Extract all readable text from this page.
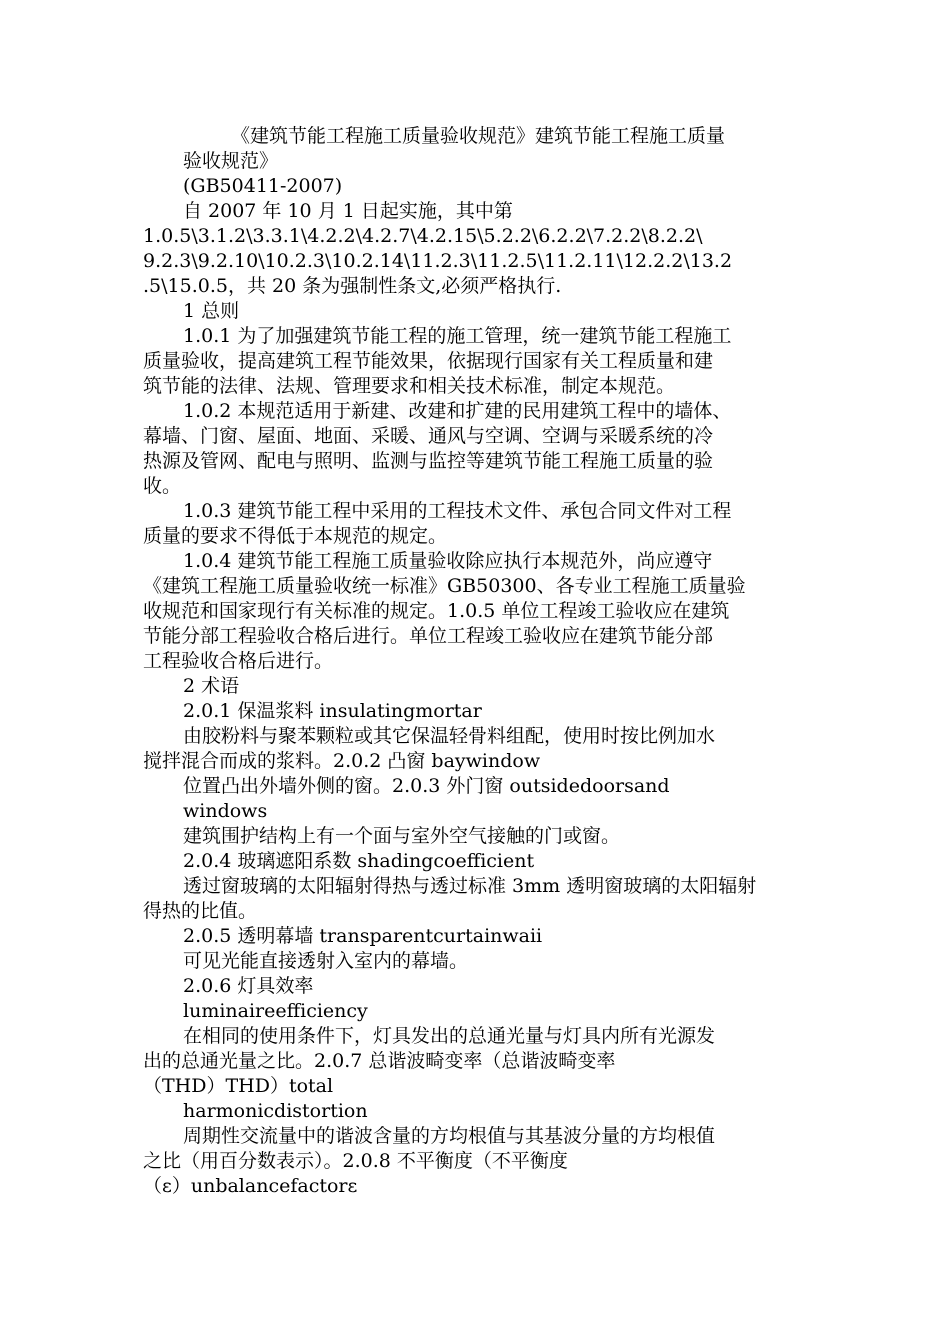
《建筑节能工程施工质量验收规范》建筑节能工程施工质量
验收规范》
(GB50411-2007)
自 2007 年 10 月 1 日起实施，其中第
1.0.5\3.1.2\3.3.1\4.2.2\4.2.7\4.2.15\5.2.2\6.2.2\7.2.2\8.2.2\
9.2.3\9.2.10\10.2.3\10.2.14\11.2.3\11.2.5\11.2.11\12.2.2\13.2
.5\15.0.5，共 20 条为强制性条文,必须严格执行.
1 总则
1.0.1 为了加强建筑节能工程的施工管理，统一建筑节能工程施工
质量验收，提高建筑工程节能效果，依据现行国家有关工程质量和建
筑节能的法律、法规、管理要求和相关技术标准，制定本规范。
1.0.2 本规范适用于新建、改建和扩建的民用建筑工程中的墙体、
幕墙、门窗、屋面、地面、采暖、通风与空调、空调与采暖系统的冷
热源及管网、配电与照明、监测与监控等建筑节能工程施工质量的验
收。
1.0.3 建筑节能工程中采用的工程技术文件、承包合同文件对工程
质量的要求不得低于本规范的规定。
1.0.4 建筑节能工程施工质量验收除应执行本规范外，尚应遵守
《建筑工程施工质量验收统一标准》GB50300、各专业工程施工质量验
收规范和国家现行有关标准的规定。1.0.5 单位工程竣工验收应在建筑
节能分部工程验收合格后进行。单位工程竣工验收应在建筑节能分部
工程验收合格后进行。
2 术语
2.0.1 保温浆料 insulatingmortar
由胶粉料与聚苯颗粒或其它保温轻骨料组配，使用时按比例加水
搅拌混合而成的浆料。2.0.2 凸窗 baywindow
位置凸出外墙外侧的窗。2.0.3 外门窗 outsidedoorsand
windows
建筑围护结构上有一个面与室外空气接触的门或窗。
2.0.4 玻璃遮阳系数 shadingcoefficient
透过窗玻璃的太阳辐射得热与透过标准 3mm 透明窗玻璃的太阳辐射
得热的比值。
2.0.5 透明幕墙 transparentcurtainwaii
可见光能直接透射入室内的幕墙。
2.0.6 灯具效率
luminaireefficiency
在相同的使用条件下，灯具发出的总通光量与灯具内所有光源发
出的总通光量之比。2.0.7 总谐波畸变率（总谐波畸变率
（THD）THD）total
harmonicdistortion
周期性交流量中的谐波含量的方均根值与其基波分量的方均根值
之比（用百分数表示）。2.0.8 不平衡度（不平衡度
（ε）unbalancefactorε
